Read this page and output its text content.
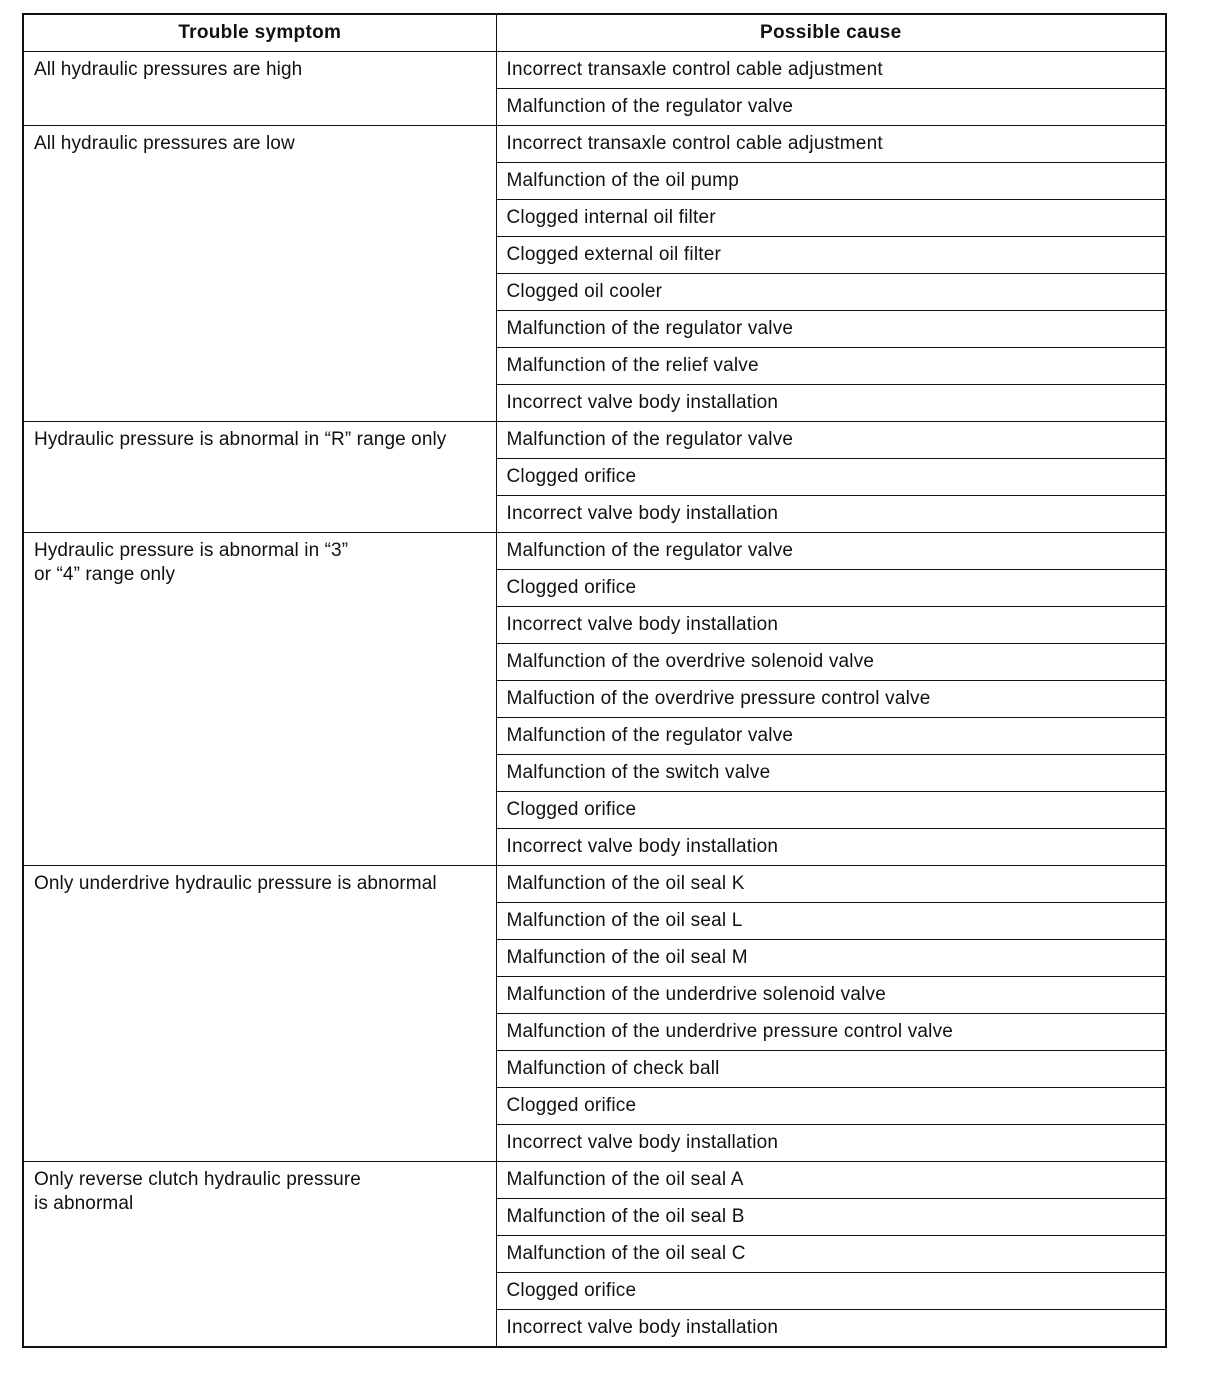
Trouble symptom	Possible cause
All hydraulic pressures are high	Incorrect transaxle control cable adjustment
	Malfunction of the regulator valve
All hydraulic pressures are low	Incorrect transaxle control cable adjustment
	Malfunction of the oil pump
	Clogged internal oil filter
	Clogged external oil filter
	Clogged oil cooler
	Malfunction of the regulator valve
	Malfunction of the relief valve
	Incorrect valve body installation
Hydraulic pressure is abnormal in “R” range only	Malfunction of the regulator valve
	Clogged orifice
	Incorrect valve body installation
Hydraulic pressure is abnormal in “3”
or “4” range only	Malfunction of the regulator valve
	Clogged orifice
	Incorrect valve body installation
	Malfunction of the overdrive solenoid valve
	Malfuction of the overdrive pressure control valve
	Malfunction of the regulator valve
	Malfunction of the switch valve
	Clogged orifice
	Incorrect valve body installation
Only underdrive hydraulic pressure is abnormal	Malfunction of the oil seal K
	Malfunction of the oil seal L
	Malfunction of the oil seal M
	Malfunction of the underdrive solenoid valve
	Malfunction of the underdrive pressure control valve
	Malfunction of check ball
	Clogged orifice
	Incorrect valve body installation
Only reverse clutch hydraulic pressure
is abnormal	Malfunction of the oil seal A
	Malfunction of the oil seal B
	Malfunction of the oil seal C
	Clogged orifice
	Incorrect valve body installation
